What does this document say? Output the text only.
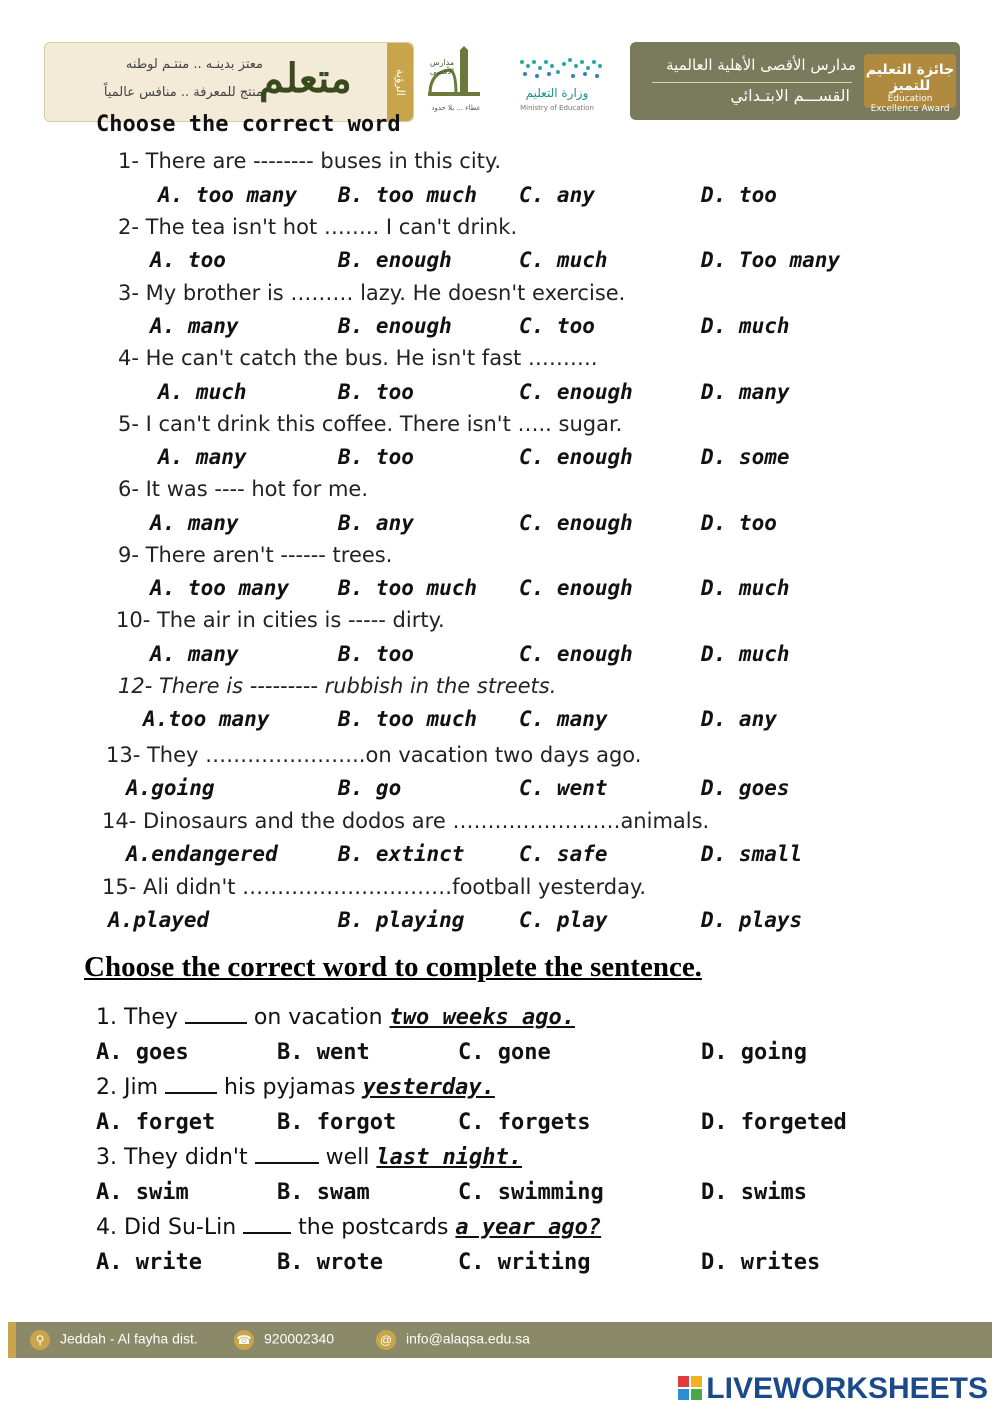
معتز بدينـه .. منتـم لوطنه
منتج للمعرفة .. منافس عالمياً
متعلم	الرؤية
مدارس الأقصى
عطاء ... بلا حدود
وزارة التعليم
Ministry of Education
مدارس الأقصى الأهلية العالمية
القســـم الابتـدائي
جائزة التعليم للتميز
Education Excellence Award
Choose the correct word
1- There are -------- buses in this city.
A. too many B. too much C. any	D. too
2- The tea isn't hot …….. I can't drink.
A. too	B. enough	C. much	D. Too many
3- My brother is ……… lazy. He doesn't exercise.
A. many	B. enough	C. too	D. much
4- He can't catch the bus. He isn't fast ……….
A. much	B. too	C. enough	D. many
5- I can't drink this coffee. There isn't ….. sugar.
A. many	B. too	C. enough	D. some
6- It was ---- hot for me.
A. many	B. any	C. enough	D. too
9- There aren't ------ trees.
A. too many B. too much C. enough	D. much
10- The air in cities is ----- dirty.
A. many	B. too	C. enough	D. much
12- There is --------- rubbish in the streets.
A.too many	B. too much C. many	D. any
13- They …………………..on vacation two days ago.
A.going	B. go	C. went	D. goes
14- Dinosaurs and the dodos are ……………………animals.
A.endangered	B. extinct	C. safe	D. small
15- Ali didn't …………………………football yesterday.
A.played	B. playing	C. play	D. plays
Choose the correct word to complete the sentence.
1. They	on vacation two weeks ago.
A. goes	B. went	C. gone	D. going
2. Jim  his pyjamas yesterday.
A. forget	B. forgot	C. forgets	D. forgeted
3. They didn't	well last night.
A. swim	B. swam	C. swimming	D. swims
4. Did Su-Lin  the postcards a year ago?
A. write	B. wrote	C. writing	D. writes
⚲ Jeddah - Al fayha dist.	☎ 920002340	@ info@alaqsa.edu.sa
LIVEWORKSHEETS
